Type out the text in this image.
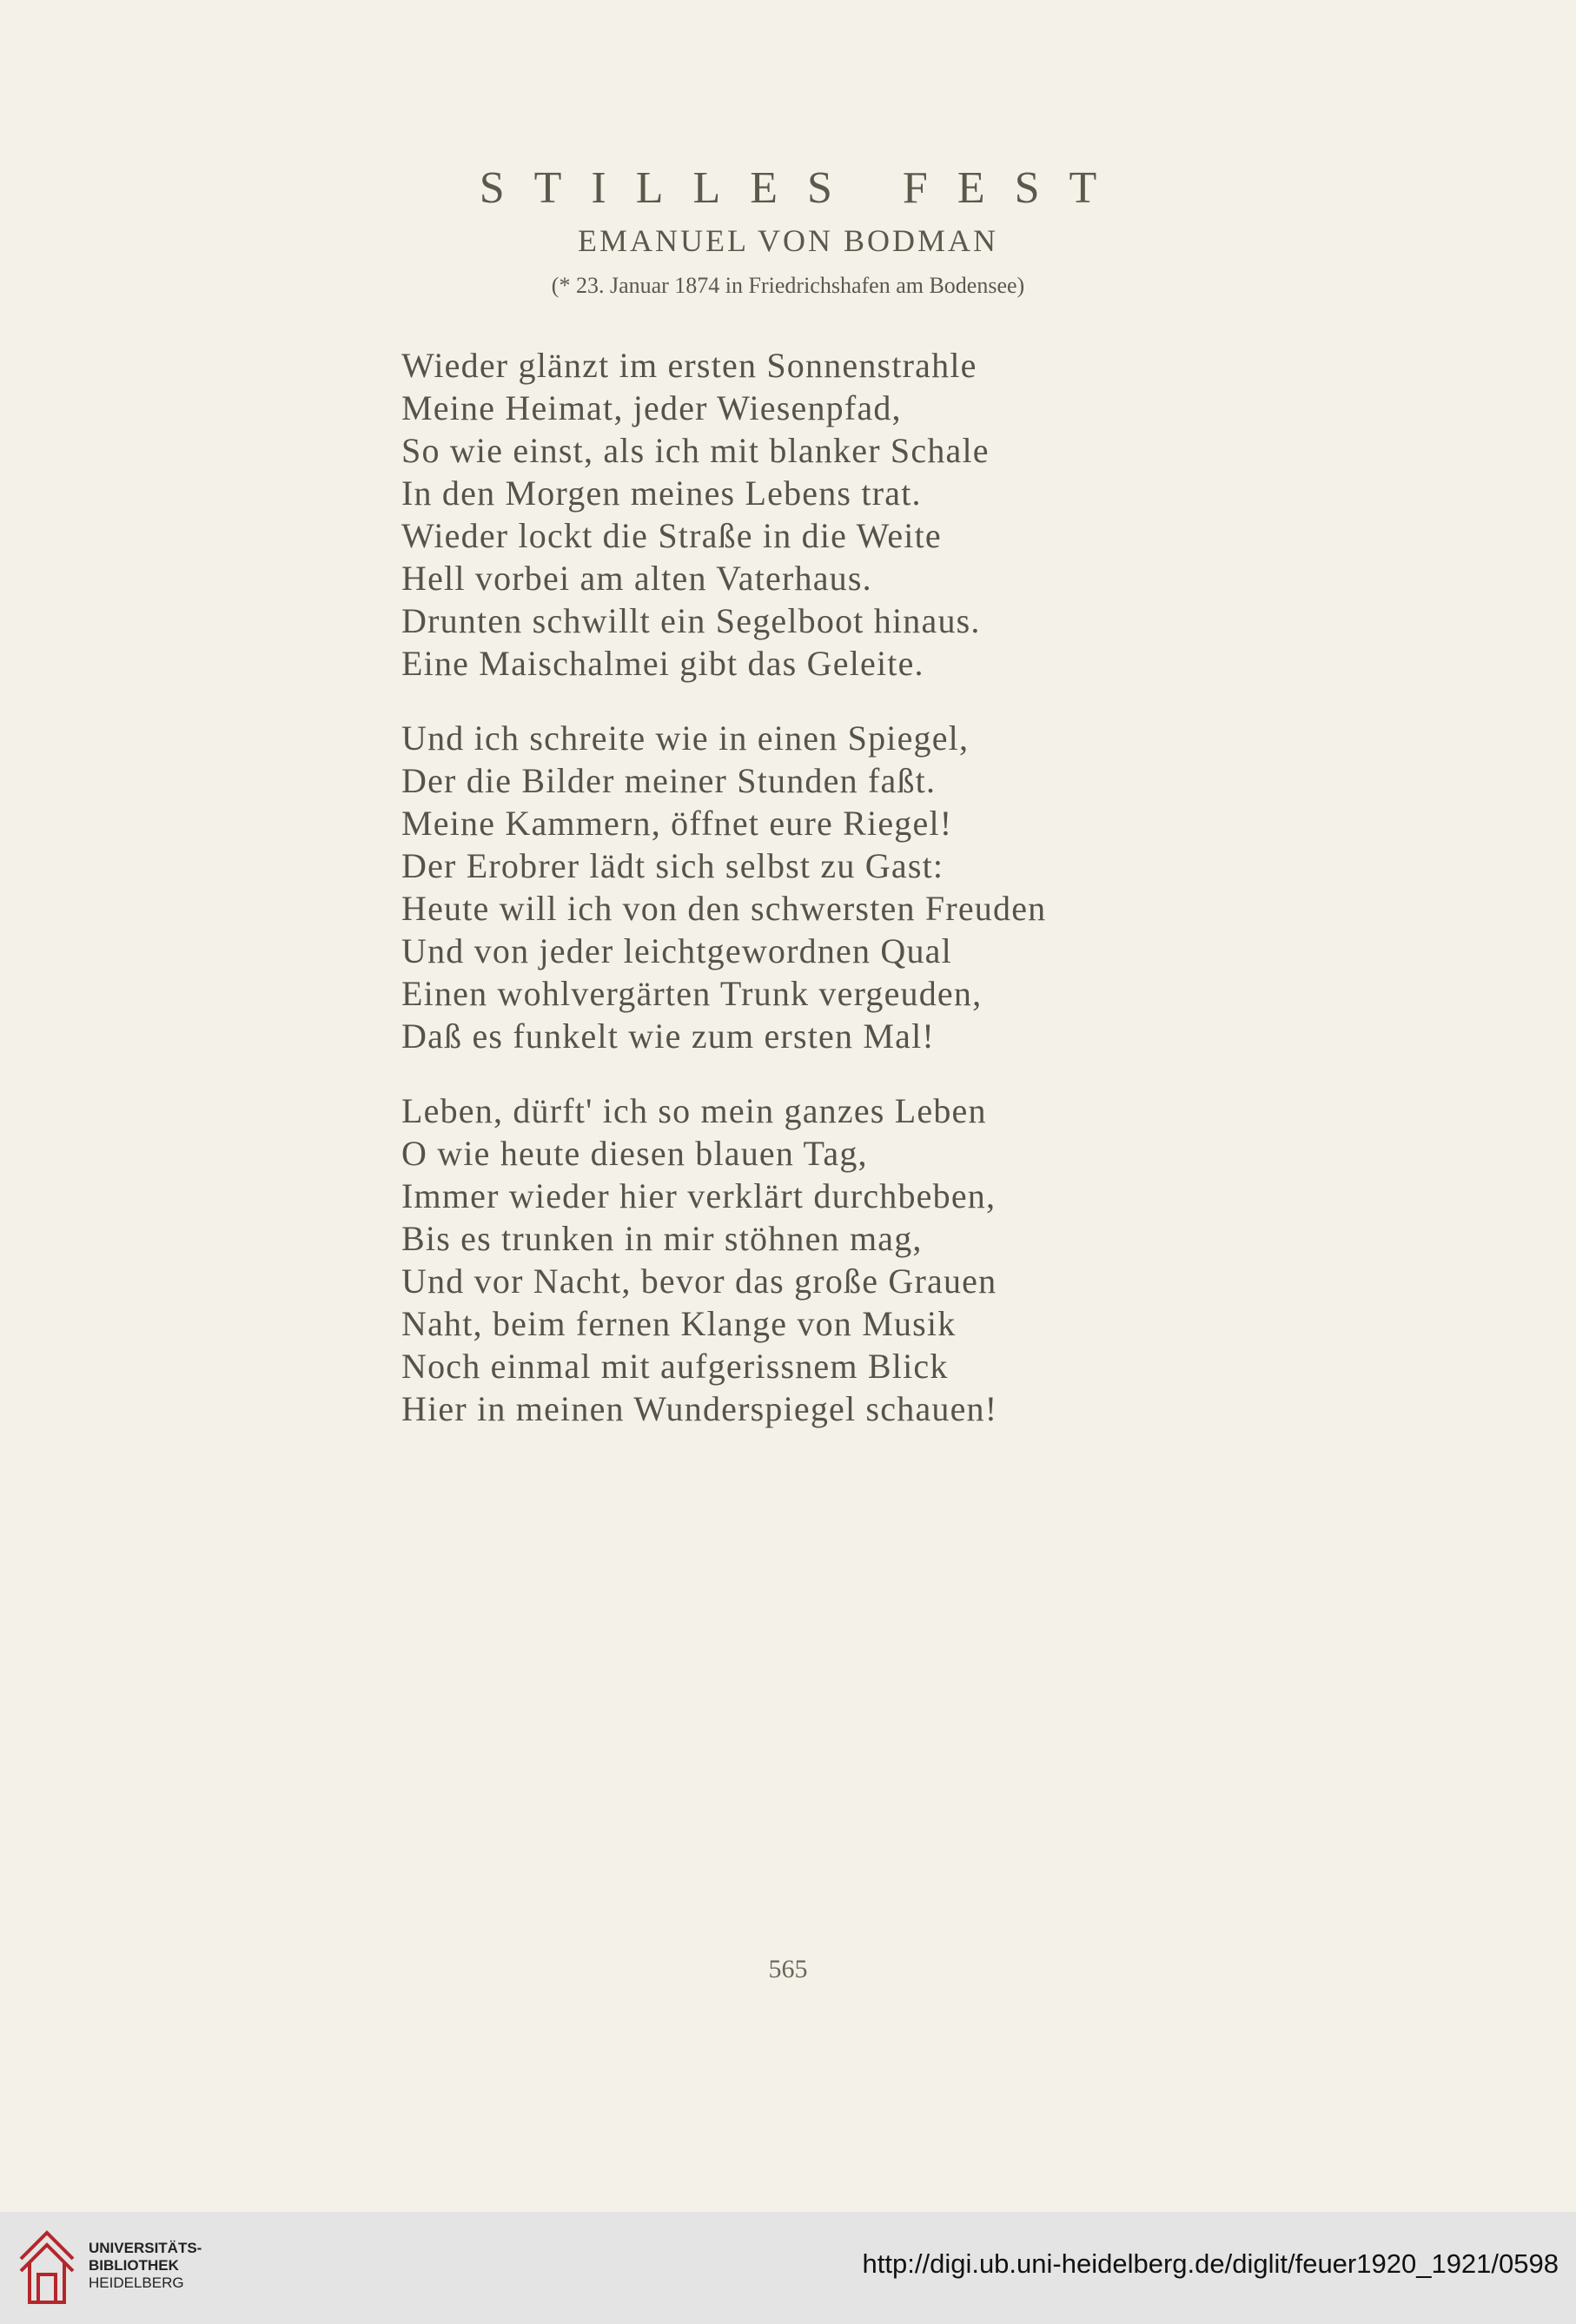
STILLES FEST
EMANUEL VON BODMAN
(* 23. Januar 1874 in Friedrichshafen am Bodensee)
Wieder glänzt im ersten Sonnenstrahle
Meine Heimat, jeder Wiesenpfad,
So wie einst, als ich mit blanker Schale
In den Morgen meines Lebens trat.
Wieder lockt die Straße in die Weite
Hell vorbei am alten Vaterhaus.
Drunten schwillt ein Segelboot hinaus.
Eine Maischalmei gibt das Geleite.
Und ich schreite wie in einen Spiegel,
Der die Bilder meiner Stunden faßt.
Meine Kammern, öffnet eure Riegel!
Der Erobrer lädt sich selbst zu Gast:
Heute will ich von den schwersten Freuden
Und von jeder leichtgewordnen Qual
Einen wohlvergärten Trunk vergeuden,
Daß es funkelt wie zum ersten Mal!
Leben, dürft' ich so mein ganzes Leben
O wie heute diesen blauen Tag,
Immer wieder hier verklärt durchbeben,
Bis es trunken in mir stöhnen mag,
Und vor Nacht, bevor das große Grauen
Naht, beim fernen Klange von Musik
Noch einmal mit aufgerissnem Blick
Hier in meinen Wunderspiegel schauen!
565
UNIVERSITÄTS-
BIBLIOTHEK
HEIDELBERG
http://digi.ub.uni-heidelberg.de/diglit/feuer1920_1921/0598
